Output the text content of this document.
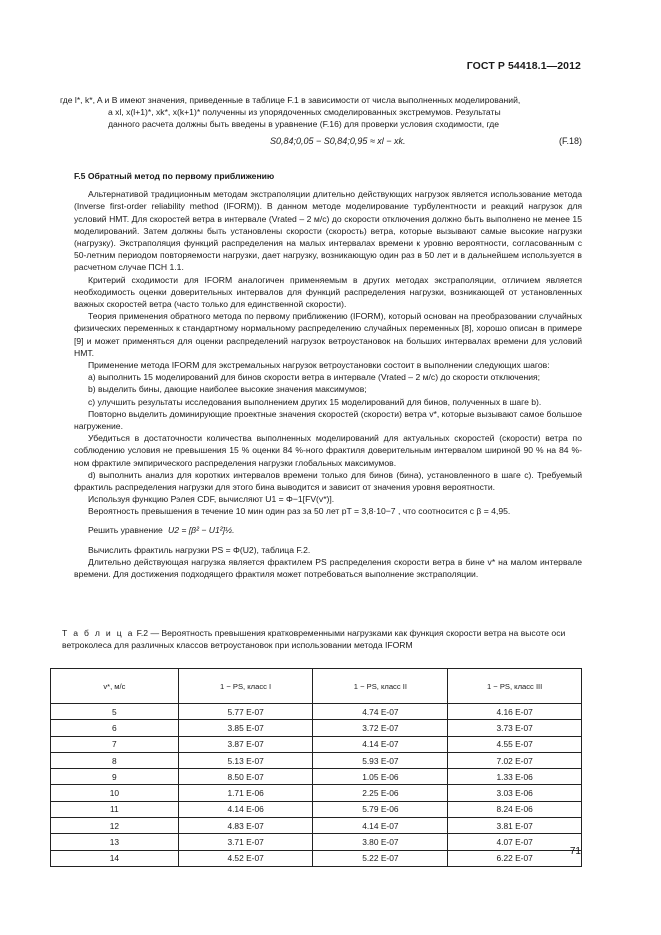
ГОСТ Р 54418.1—2012

где l*, k*, A и B имеют значения, приведенные в таблице F.1 в зависимости от числа выполненных моделирований,

а xl, x(l+1)*, xk*, x(k+1)* полученны из упорядоченных смоделированных экстремумов. Результаты

данного расчета должны быть введены в уравнение (F.16) для проверки условия сходимости, где

S0,84;0,05 − S0,84;0,95 ≈ xl − xk.	(F.18)

F.5 Обратный метод по первому приближению

Альтернативой традиционным методам экстраполяции длительно действующих нагрузок является использование метода (Inverse first-order reliability method (IFORM)). В данном методе моделирование турбулентности и реакций нагрузок для условий НМТ. Для скоростей ветра в интервале (Vrated – 2 м/с) до скорости отключения должно быть выполнено не менее 15 моделирований. Затем должны быть установлены скорости (скорость) ветра, которые вызывают самые высокие нагрузки (нагрузку). Экстраполяция функций распределения на малых интервалах времени к уровню вероятности, согласованным с 50-летним периодом повторяемости нагрузки, дает нагрузку, возникающую один раз в 50 лет и в дальнейшем используется в расчетном случае ПСН 1.1.

Критерий сходимости для IFORM аналогичен применяемым в других методах экстраполяции, отличием является необходимость оценки доверительных интервалов для функций распределения нагрузки, возникающей от установленных важных скоростей ветра (часто только для единственной скорости).

Теория применения обратного метода по первому приближению (IFORM), который основан на преобразовании случайных физических переменных к стандартному нормальному распределению случайных переменных [8], хорошо описан в примере [9] и может применяться для оценки распределений нагрузок ветроустановок на больших интервалах времени для условий НМТ.

Применение метода IFORM для экстремальных нагрузок ветроустановки состоит в выполнении следующих шагов:

а) выполнить 15 моделирований для бинов скорости ветра в интервале (Vrated – 2 м/с) до скорости отключения;

b) выделить бины, дающие наиболее высокие значения максимумов;

с) улучшить результаты исследования выполнением других 15 моделирований для бинов, полученных в шаге b).

Повторно выделить доминирующие проектные значения скоростей (скорости) ветра v*, которые вызывают самое большое нагружение.

Убедиться в достаточности количества выполненных моделирований для актуальных скоростей (скорости) ветра по соблюдению условия не превышения 15 % оценки 84 %-ного фрактиля доверительным интервалом шириной 90 % на 84 %-ном фрактиле эмпирического распределения нагрузки глобальных максимумов.

d) выполнить анализ для коротких интервалов времени только для бинов (бина), установленного в шаге с). Требуемый фрактиль распределения нагрузки для этого бина выводится и зависит от значения уровня вероятности.

Используя функцию Рэлея CDF, вычисляют U1 = Φ−1[FV(v*)].

Вероятность превышения в течение 10 мин один раз за 50 лет pT = 3,8·10−7 , что соотносится с β = 4,95.

Решить уравнение U2 = [β² − U1²]½.

Вычислить фрактиль нагрузки PS = Φ(U2), таблица F.2.

Длительно действующая нагрузка является фрактилем PS распределения скорости ветра в бине v* на малом интервале времени. Для достижения подходящего фрактиля может потребоваться выполнение экстраполяции.

Т а б л и ц а F.2 — Вероятность превышения кратковременными нагрузками как функция скорости ветра на высоте оси ветроколеса для различных классов ветроустановок при использовании метода IFORM
v*, м/с	1 − PS, класс I	1 − PS, класс II	1 − PS, класс III
5	5.77 E-07	4.74 E-07	4.16 E-07
6	3.85 E-07	3.72 E-07	3.73 E-07
7	3.87 E-07	4.14 E-07	4.55 E-07
8	5.13 E-07	5.93 E-07	7.02 E-07
9	8.50 E-07	1.05 E-06	1.33 E-06
10	1.71 E-06	2.25 E-06	3.03 E-06
11	4.14 E-06	5.79 E-06	8.24 E-06
12	4.83 E-07	4.14 E-07	3.81 E-07
13	3.71 E-07	3.80 E-07	4.07 E-07
14	4.52 E-07	5.22 E-07	6.22 E-07
71
